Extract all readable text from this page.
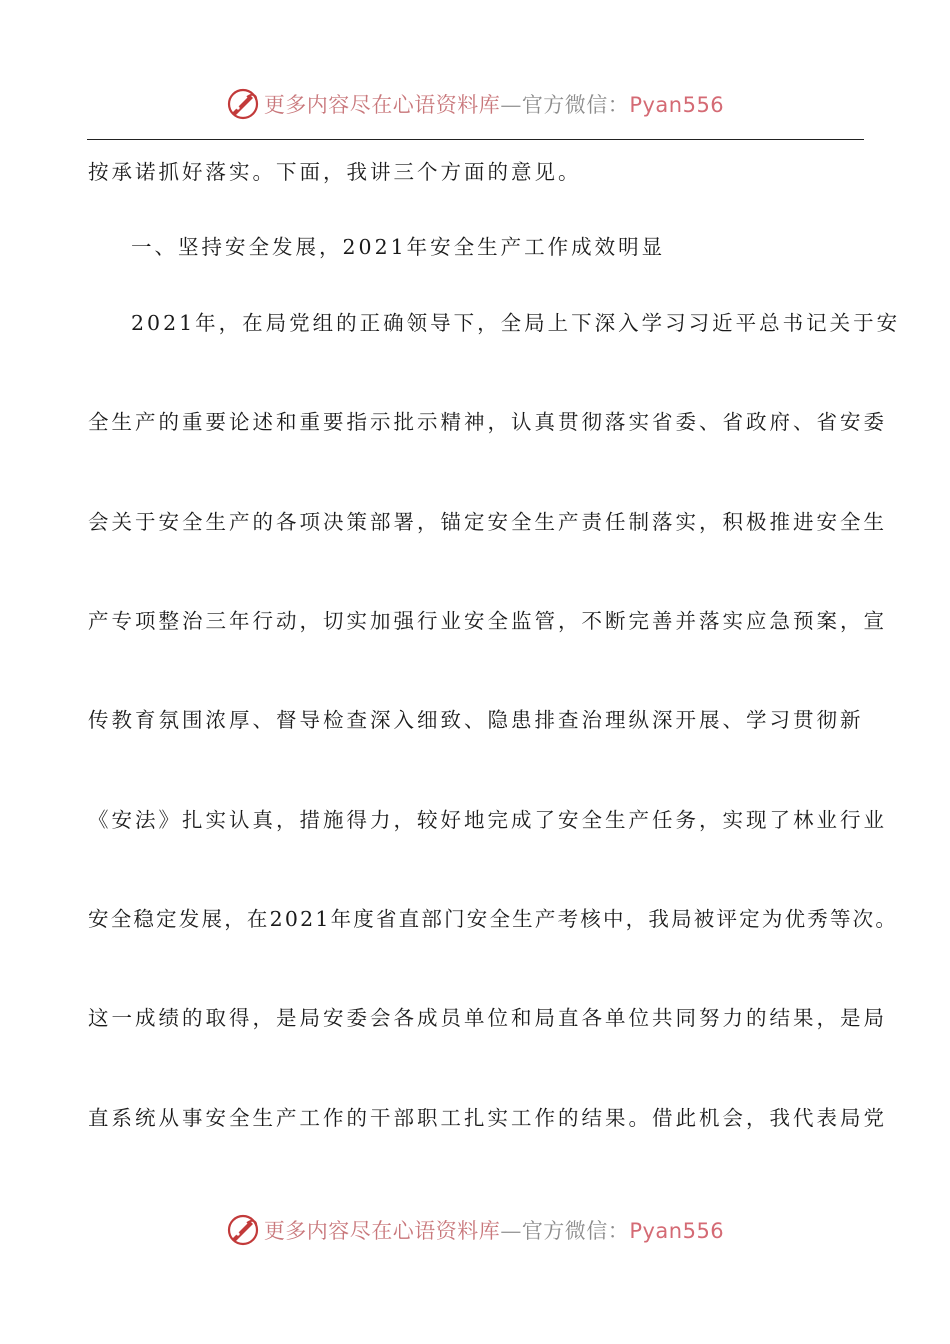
更多内容尽在心语资料库—官方微信：Pyan556
按承诺抓好落实。下面，我讲三个方面的意见。
一、坚持安全发展，2021年安全生产工作成效明显
2021年，在局党组的正确领导下，全局上下深入学习习近平总书记关于安
全生产的重要论述和重要指示批示精神，认真贯彻落实省委、省政府、省安委
会关于安全生产的各项决策部署，锚定安全生产责任制落实，积极推进安全生
产专项整治三年行动，切实加强行业安全监管，不断完善并落实应急预案，宣
传教育氛围浓厚、督导检查深入细致、隐患排查治理纵深开展、学习贯彻新
《安法》扎实认真，措施得力，较好地完成了安全生产任务，实现了林业行业
安全稳定发展，在2021年度省直部门安全生产考核中，我局被评定为优秀等次。
这一成绩的取得，是局安委会各成员单位和局直各单位共同努力的结果，是局
直系统从事安全生产工作的干部职工扎实工作的结果。借此机会，我代表局党
更多内容尽在心语资料库—官方微信：Pyan556
